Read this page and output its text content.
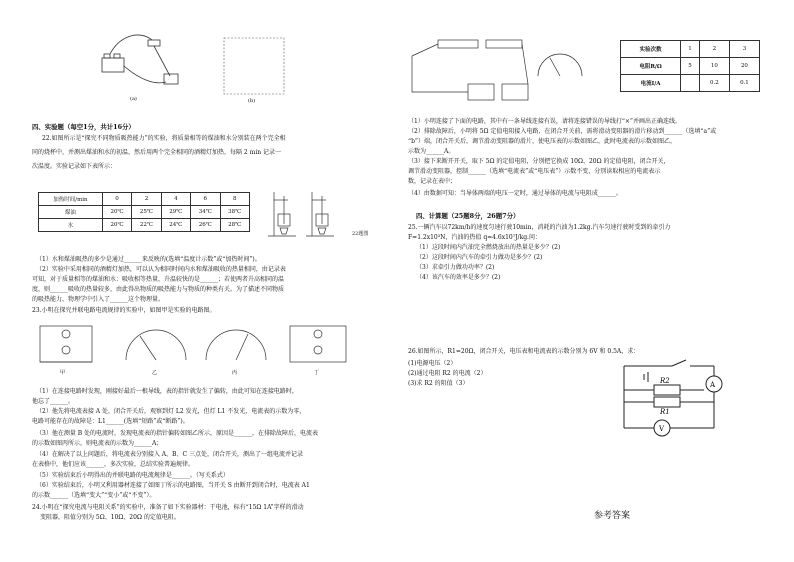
(a)	(b)
四、实验题（每空1分，共计16分）
22.如图所示是“探究不同物质吸热能力”的实验，将质量相等的煤油和水分别装在两个完全相
同的烧杯中，并测出煤油和水的初温，然后用两个完全相同的酒精灯加热，每隔 2 min 记录一
次温度。实验记录如下表所示：
加热时间/min	0	2	4	6	8
煤油	20℃	25℃	29℃	34℃	38℃
水	20℃	22℃	24℃	26℃	28℃
22题图
（1）水和煤油吸热的多少是通过______来反映的(选填“温度计示数”或“加热时间”)。
（2）实验中采用相同的酒精灯加热，可以认为相同时间内水和煤油吸收的热量相同，由记录表
可知，对于质量相等的煤油和水：吸收相等热量，升温较快的是______；若使两者升高相同的温
度，则______吸收的热量较多，由此得出物质的吸热能力与物质的种类有关。为了描述不同物质
的吸热能力，物理学中引入了______这个物理量。
23.小明在探究并联电路电流规律的实验中，如图甲是实验的电路图。
甲	乙	丙	丁
（1）在连接电路时发现，刚接好最后一根导线，表的指针就发生了偏转，由此可知在连接电路时，
他忘了______。
（2）他先将电流表接 A 处，闭合开关后，观察到灯 L2 发光，但灯 L1 不发光，电流表的示数为零，
电路可能存在的故障是：L1______(选填“短路”或“断路”)。
（3）他在测量 B 处的电流时，发现电流表的指针偏转如图乙所示，原因是______，在排除故障后，电流表
的示数如图丙所示，则电流表的示数为______A；
（4）在解决了以上问题后，将电流表分别接入 A、B、C 三点处，闭合开关，测出了一组电流并记录
在表格中，他们应该______，多次实验，总结实验普遍规律。
（5）实验结束后小明得出的并联电路的电流规律是______。（写关系式）
（6）实验结束后，小明又利用器材连接了如图丁所示的电路图，当开关 S 由断开到闭合时，电流表 A1
的示数______（选填“变大”“变小”或“不变”）。
24.小明在“探究电流与电阻关系”的实验中，准备了如下实验器材：干电池，标有“15Ω 1A”字样的滑动
变阻器，阻值分别为 5Ω、10Ω、20Ω 的定值电阻。
实验次数	1	2	3
电阻R/Ω	5	10	20
电流I/A		0.2	0.1
（1）小明连接了下面的电路，其中有一条导线连接有误，请将连接错误的导线打“×”并画出正确连线。
（2）排除故障后，小明将 5Ω 定值电阻接入电路，在闭合开关前，需将滑动变阻器的滑片移动到______（选填“a”或
“b”）端，闭合开关后，调节滑动变阻器的滑片，使电压表的示数如图乙，此时电流表的示数如图乙，
示数为______A。
（3）接下来断开开关，取下 5Ω 的定值电阻，分别把它换成 10Ω、20Ω 的定值电阻，闭合开关，
调节滑动变阻器，控制______（选填“电流表”或“电压表”）示数不变，分别读取相应的电流表示
数，记录在表中；
（4）由数据可知：当导体两端的电压一定时，通过导体的电流与电阻成______。
四、计算题（25题8分，26题7分）
25.一辆汽车以72km/h的速度匀速行驶10min，消耗的汽油为1.2kg.汽车匀速行驶时受到的牵引力
F=1.2x10³N，汽油的热值 q=4.6x10⁷J/kg.问：
（1）这段时间内汽油完全燃烧放出的热量是多少？(2)
（2）这段时间内汽车的牵引力做功是多少？(2)
（3）求牵引力做功功率？(2)
（4）该汽车的效率是多少？(2)
26.如图所示，R1=20Ω，闭合开关，电压表和电流表的示数分别为 6V 和 0.5A，求：
(1)电源电压（2）
(2)通过电阻 R2 的电流（2）
(3)求 R2 的阻值（3）	R2
R1
A
V
参考答案
